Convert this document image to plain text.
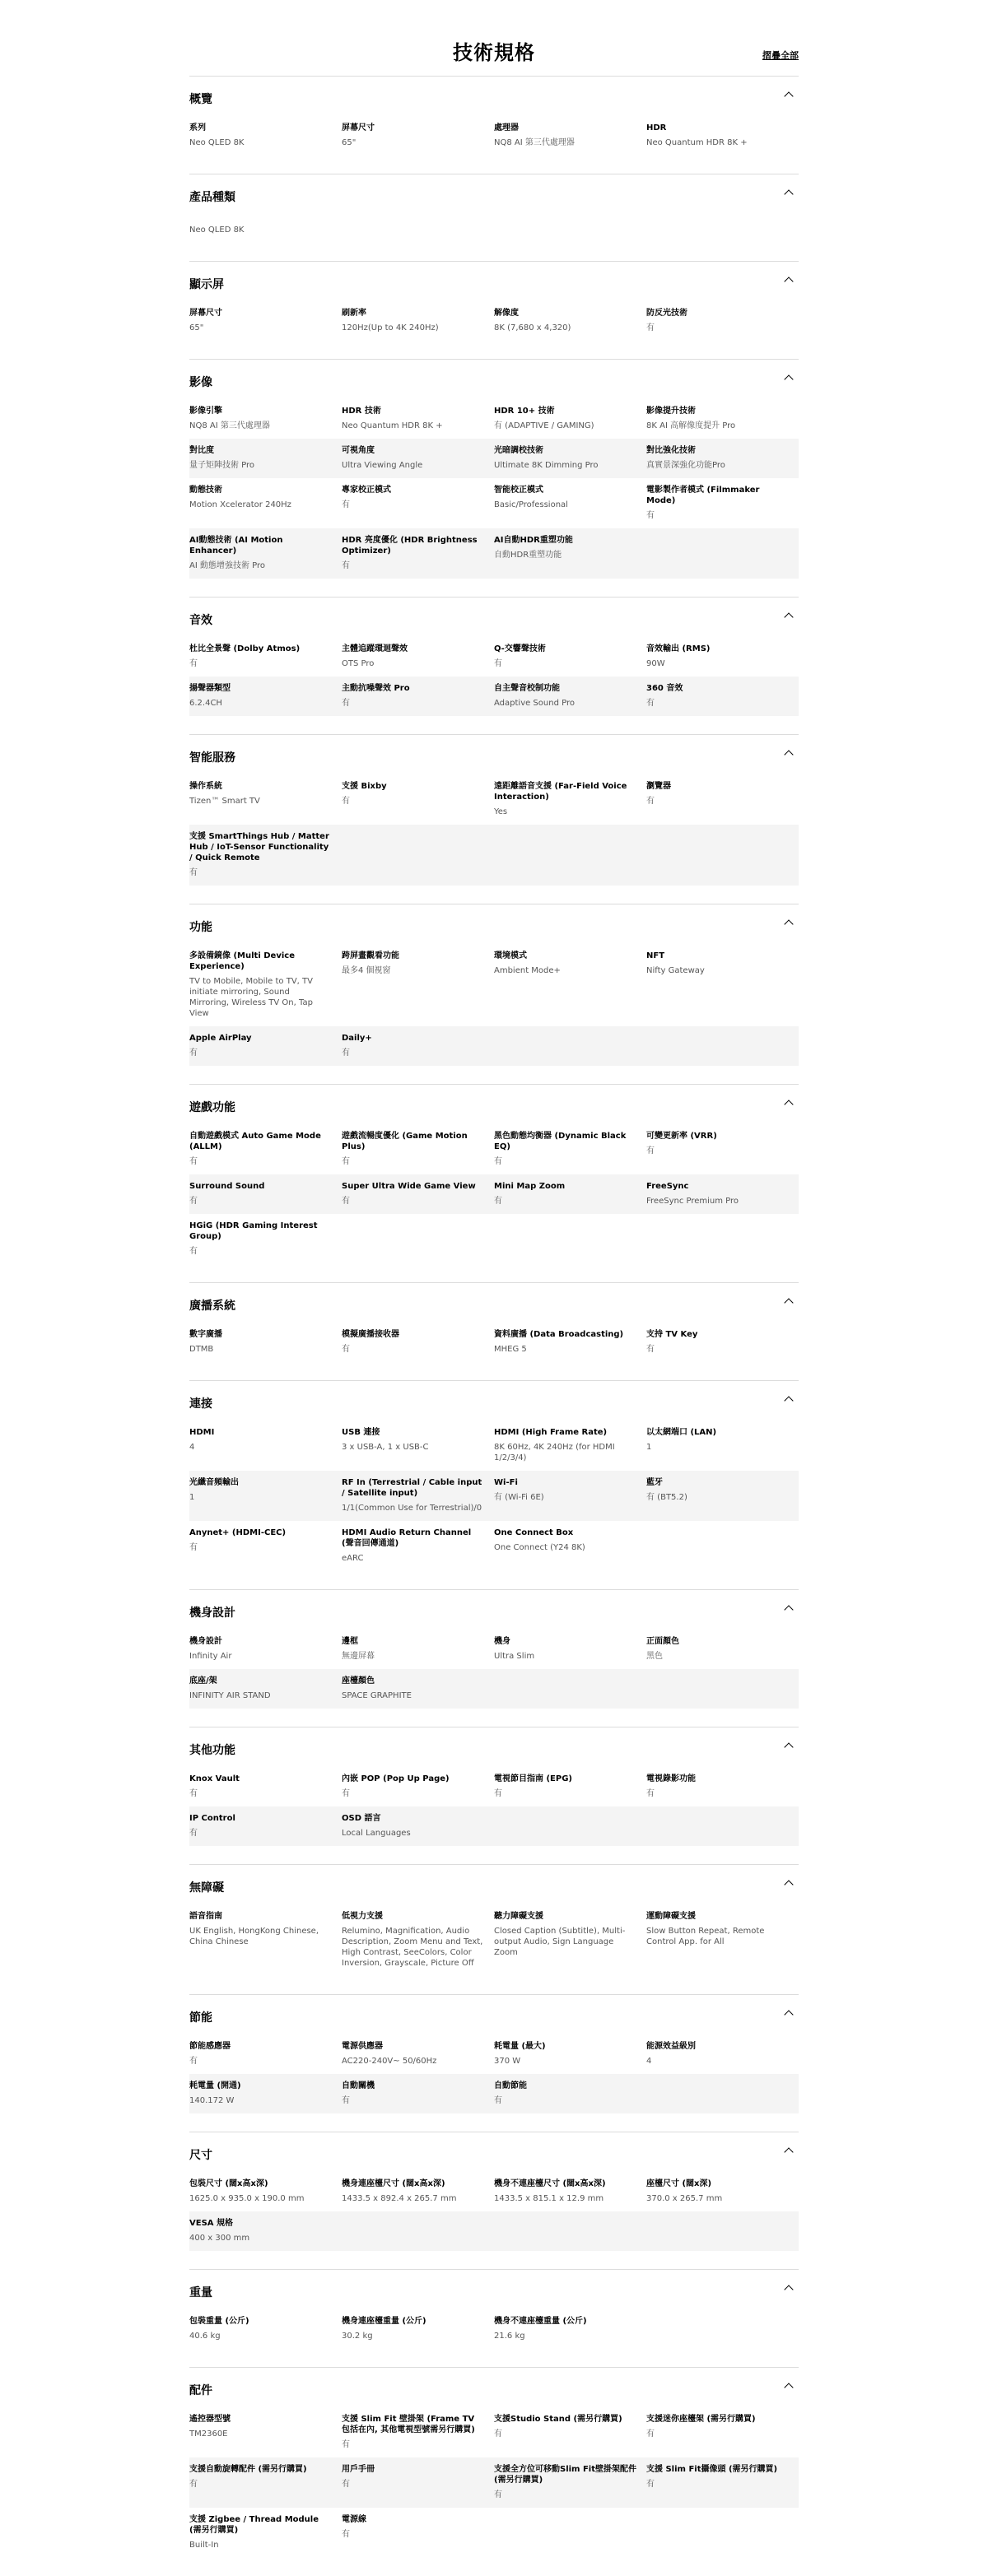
技術規格	摺疊全部
概覽
系列
Neo QLED 8K
屏幕尺寸
65"
處理器
NQ8 AI 第三代處理器
HDR
Neo Quantum HDR 8K +
產品種類
Neo QLED 8K
顯示屏
屏幕尺寸
65"
刷新率
120Hz(Up to 4K 240Hz)
解像度
8K (7,680 x 4,320)
防反光技術
有
影像
影像引擎
NQ8 AI 第三代處理器
HDR 技術
Neo Quantum HDR 8K +
HDR 10+ 技術
有 (ADAPTIVE / GAMING)
影像提升技術
8K AI 高解像度提升 Pro
對比度
量子矩陣技術 Pro
可視角度
Ultra Viewing Angle
光暗調校技術
Ultimate 8K Dimming Pro
對比強化技術
真實景深強化功能Pro
動態技術
Motion Xcelerator 240Hz
專家校正模式
有
智能校正模式
Basic/Professional
電影製作者模式 (Filmmaker Mode)
有
AI動態技術 (AI Motion Enhancer)
AI 動態增強技術 Pro
HDR 亮度優化 (HDR Brightness Optimizer)
有
AI自動HDR重塑功能
自動HDR重塑功能
音效
杜比全景聲 (Dolby Atmos)
有
主體追蹤環迴聲效
OTS Pro
Q-交響聲技術
有
音效輸出 (RMS)
90W
揚聲器類型
6.2.4CH
主動抗噪聲效 Pro
有
自主聲音校制功能
Adaptive Sound Pro
360 音效
有
智能服務
操作系統
Tizen™ Smart TV
支援 Bixby
有
遠距離語音支援 (Far-Field Voice Interaction)
Yes
瀏覽器
有
支援 SmartThings Hub / Matter Hub / IoT-Sensor Functionality / Quick Remote
有
功能
多設備鏡像 (Multi Device Experience)
TV to Mobile, Mobile to TV, TV initiate mirroring, Sound Mirroring, Wireless TV On, Tap View
跨屏畫觀看功能
最多4 個視窗
環境模式
Ambient Mode+
NFT
Nifty Gateway
Apple AirPlay
有
Daily+
有
遊戲功能
自動遊戲模式 Auto Game Mode (ALLM)
有
遊戲流暢度優化 (Game Motion Plus)
有
黑色動態均衡器 (Dynamic Black EQ)
有
可變更新率 (VRR)
有
Surround Sound
有
Super Ultra Wide Game View
有
Mini Map Zoom
有
FreeSync
FreeSync Premium Pro
HGiG (HDR Gaming Interest Group)
有
廣播系統
數字廣播
DTMB
模擬廣播接收器
有
資料廣播 (Data Broadcasting)
MHEG 5
支持 TV Key
有
連接
HDMI
4
USB 連接
3 x USB-A, 1 x USB-C
HDMI (High Frame Rate)
8K 60Hz, 4K 240Hz (for HDMI 1/2/3/4)
以太網端口 (LAN)
1
光纖音頻輸出
1
RF In (Terrestrial / Cable input / Satellite input)
1/1(Common Use for Terrestrial)/0
Wi-Fi
有 (Wi-Fi 6E)
藍牙
有 (BT5.2)
Anynet+ (HDMI-CEC)
有
HDMI Audio Return Channel (聲音回傳通道)
eARC
One Connect Box
One Connect (Y24 8K)
機身設計
機身設計
Infinity Air
邊框
無邊屏幕
機身
Ultra Slim
正面顏色
黑色
底座/架
INFINITY AIR STAND
座檯顏色
SPACE GRAPHITE
其他功能
Knox Vault
有
內嵌 POP (Pop Up Page)
有
電視節目指南 (EPG)
有
電視錄影功能
有
IP Control
有
OSD 語言
Local Languages
無障礙
語音指南
UK English, HongKong Chinese, China Chinese
低視力支援
Relumino, Magnification, Audio Description, Zoom Menu and Text, High Contrast, SeeColors, Color Inversion, Grayscale, Picture Off
聽力障礙支援
Closed Caption (Subtitle), Multi-output Audio, Sign Language Zoom
運動障礙支援
Slow Button Repeat, Remote Control App. for All
節能
節能感應器
有
電源供應器
AC220-240V~ 50/60Hz
耗電量 (最大)
370 W
能源效益級別
4
耗電量 (開通)
140.172 W
自動關機
有
自動節能
有
尺寸
包裝尺寸 (闊x高x深)
1625.0 x 935.0 x 190.0 mm
機身連座檯尺寸 (闊x高x深)
1433.5 x 892.4 x 265.7 mm
機身不連座檯尺寸 (闊x高x深)
1433.5 x 815.1 x 12.9 mm
座檯尺寸 (闊x深)
370.0 x 265.7 mm
VESA 規格
400 x 300 mm
重量
包裝重量 (公斤)
40.6 kg
機身連座檯重量 (公斤)
30.2 kg
機身不連座檯重量 (公斤)
21.6 kg
配件
遙控器型號
TM2360E
支援 Slim Fit 壁掛架 (Frame TV 包括在內, 其他電視型號需另行購買)
有
支援Studio Stand (需另行購買)
有
支援迷你座檯架 (需另行購買)
有
支援自動旋轉配件 (需另行購買)
有
用戶手冊
有
支援全方位可移動Slim Fit壁掛架配件 (需另行購買)
有
支援 Slim Fit攝像頭 (需另行購買)
有
支援 Zigbee / Thread Module (需另行購買)
Built-In
電源線
有
